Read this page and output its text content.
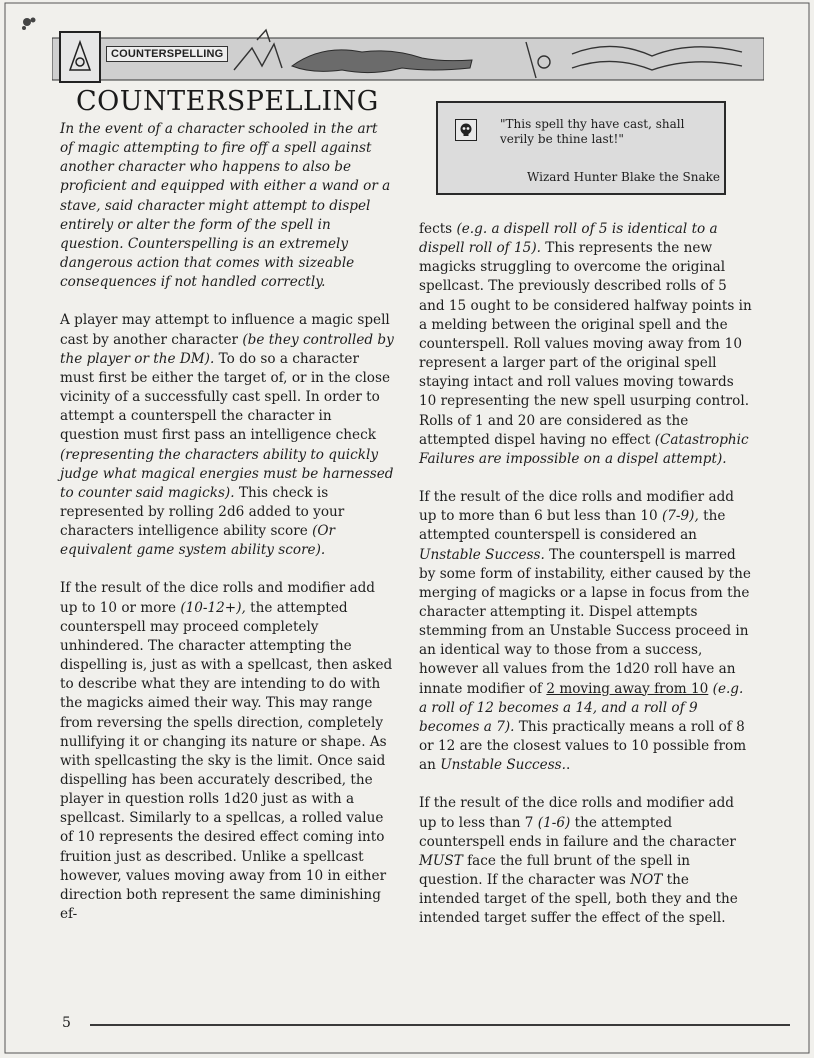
COUNTERSPELLING
COUNTERSPELLING

In the event of a character schooled in the art of magic attempting to fire off a spell against another character who happens to also be proficient and equipped with either a wand or a stave, said character might attempt to dispel entirely or alter the form of the spell in question. Counterspelling is an extremely dangerous action that comes with sizeable consequences if not handled correctly.

A player may attempt to influence a magic spell cast by another character (be they controlled by the player or the DM). To do so a character must first be either the target of, or in the close vicinity of a successfully cast spell. In order to attempt a counterspell the character in question must first pass an intelligence check (representing the characters ability to quickly judge what magical energies must be harnessed to counter said magicks). This check is represented by rolling 2d6 added to your characters intelligence ability score (Or equivalent game system ability score).

If the result of the dice rolls and modifier add up to 10 or more (10-12+), the attempted counterspell may proceed completely unhindered. The character attempting the dispelling is, just as with a spellcast, then asked to describe what they are intending to do with the magicks aimed their way. This may range from reversing the spells direction, completely nullifying it or changing its nature or shape. As with spellcasting the sky is the limit. Once said dispelling has been accurately described, the player in question rolls 1d20 just as with a spellcast. Similarly to a spellcas, a rolled value of 10 represents the desired effect coming into fruition just as described. Unlike a spellcast however, values moving away from 10 in either direction both represent the same diminishing ef-

"This spell thy have cast, shall verily be thine last!"
Wizard Hunter Blake the Snake

fects (e.g. a dispell roll of 5 is identical to a dispell roll of 15). This represents the new magicks struggling to overcome the original spellcast. The previously described rolls of 5 and 15 ought to be considered halfway points in a melding between the original spell and the counterspell. Roll values moving away from 10 represent a larger part of the original spell staying intact and roll values moving towards 10 representing the new spell usurping control. Rolls of 1 and 20 are considered as the attempted dispel having no effect (Catastrophic Failures are impossible on a dispel attempt).

If the result of the dice rolls and modifier add up to more than 6 but less than 10 (7-9), the attempted counterspell is considered an Unstable Success. The counterspell is marred by some form of instability, either caused by the merging of magicks or a lapse in focus from the character attempting it. Dispel attempts stemming from an Unstable Success proceed in an identical way to those from a success, however all values from the 1d20 roll have an innate modifier of 2 moving away from 10 (e.g. a roll of 12 becomes a 14, and a roll of 9 becomes a 7). This practically means a roll of 8 or 12 are the closest values to 10 possible from an Unstable Success..

If the result of the dice rolls and modifier add up to less than 7 (1-6) the attempted counterspell ends in failure and the character MUST face the full brunt of the spell in question. If the character was NOT the intended target of the spell, both they and the intended target suffer the effect of the spell.

5
